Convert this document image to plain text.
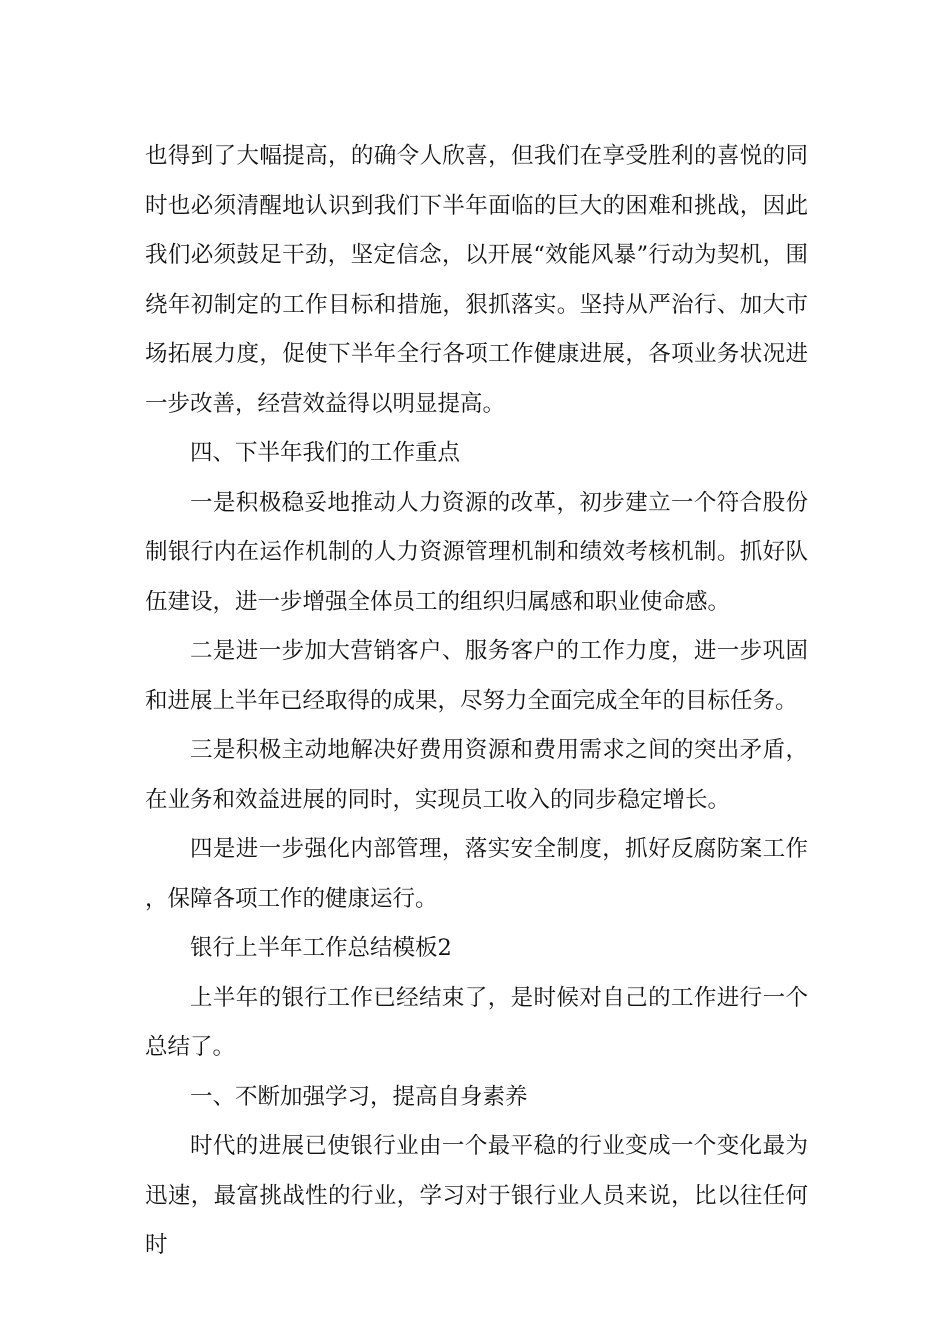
也得到了大幅提高，的确令人欣喜，但我们在享受胜利的喜悦的同时也必须清醒地认识到我们下半年面临的巨大的困难和挑战，因此我们必须鼓足干劲，坚定信念，以开展“效能风暴”行动为契机，围绕年初制定的工作目标和措施，狠抓落实。坚持从严治行、加大市场拓展力度，促使下半年全行各项工作健康进展，各项业务状况进一步改善，经营效益得以明显提高。

四、下半年我们的工作重点

一是积极稳妥地推动人力资源的改革，初步建立一个符合股份制银行内在运作机制的人力资源管理机制和绩效考核机制。抓好队伍建设，进一步增强全体员工的组织归属感和职业使命感。

二是进一步加大营销客户、服务客户的工作力度，进一步巩固和进展上半年已经取得的成果，尽努力全面完成全年的目标任务。

三是积极主动地解决好费用资源和费用需求之间的突出矛盾，在业务和效益进展的同时，实现员工收入的同步稳定增长。

四是进一步强化内部管理，落实安全制度，抓好反腐防案工作，保障各项工作的健康运行。

银行上半年工作总结模板2

上半年的银行工作已经结束了，是时候对自己的工作进行一个总结了。

一、不断加强学习，提高自身素养

时代的进展已使银行业由一个最平稳的行业变成一个变化最为迅速，最富挑战性的行业，学习对于银行业人员来说，比以往任何时
